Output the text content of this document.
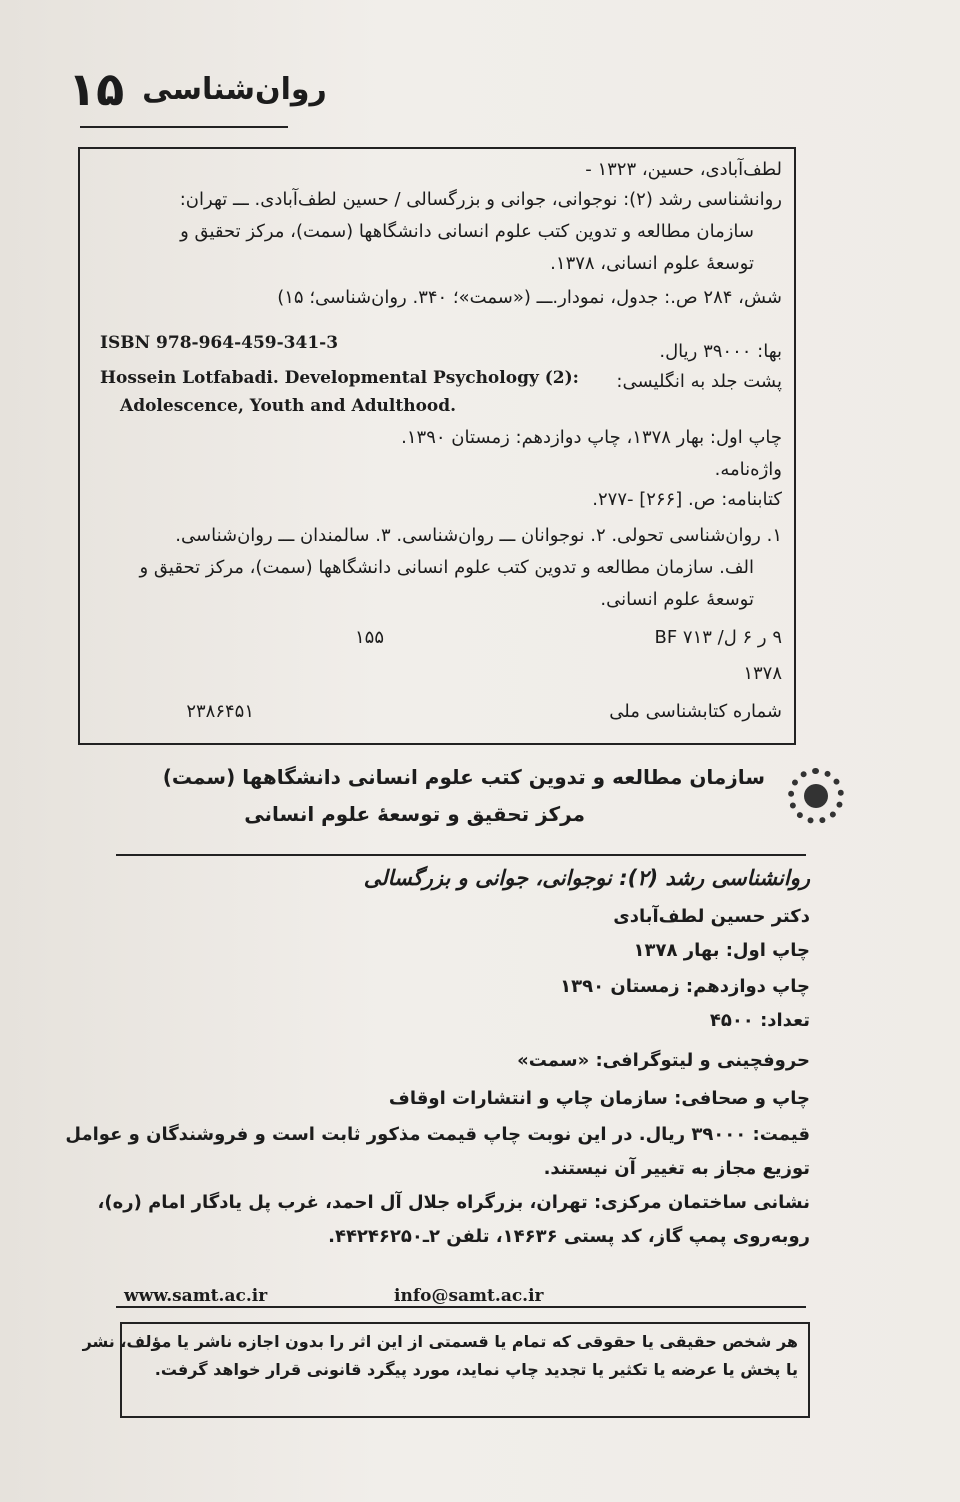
روان‌شناسی
۱۵
لطف‌آبادی، حسین، ۱۳۲۳ -
روانشناسی رشد (۲): نوجوانی، جوانی و بزرگسالی / حسین لطف‌آبادی. ـــ تهران:
سازمان مطالعه و تدوین کتب علوم انسانی دانشگاهها (سمت)، مرکز تحقیق و
توسعهٔ علوم انسانی، ۱۳۷۸.
شش، ۲۸۴ ص.: جدول، نمودار.ـــ («سمت»؛ ۳۴۰. روان‌شناسی؛ ۱۵)
ISBN 978-964-459-341-3	بها: ۳۹۰۰۰ ریال.
Hossein Lotfabadi. Developmental Psychology (2): پشت جلد به انگلیسی:
Adolescence, Youth and Adulthood.
چاپ اول: بهار ۱۳۷۸، چاپ دوازدهم: زمستان ۱۳۹۰.
واژه‌نامه.
کتابنامه: ص. [۲۶۶] -۲۷۷.
۱. روان‌شناسی تحولی. ۲. نوجوانان ـــ روان‌شناسی. ۳. سالمندان ـــ روان‌شناسی.
الف. سازمان مطالعه و تدوین کتب علوم انسانی دانشگاهها (سمت)، مرکز تحقیق و
توسعهٔ علوم انسانی.
۹ ر ۶ ل/ ۷۱۳ BF
۱۵۵
۱۳۷۸
شماره کتابشناسی ملی
۲۳۸۶۴۵۱
سازمان مطالعه و تدوین کتب علوم انسانی دانشگاهها (سمت)
مرکز تحقیق و توسعهٔ علوم انسانی
روانشناسی رشد (۲): نوجوانی، جوانی و بزرگسالی
دکتر حسین لطف‌آبادی
چاپ اول: بهار ۱۳۷۸
چاپ دوازدهم: زمستان ۱۳۹۰
تعداد: ۴۵۰۰
حروفچینی و لیتوگرافی: «سمت»
چاپ و صحافی: سازمان چاپ و انتشارات اوقاف
قیمت: ۳۹۰۰۰ ریال. در این نوبت چاپ قیمت مذکور ثابت است و فروشندگان و عوامل
توزیع مجاز به تغییر آن نیستند.
نشانی ساختمان مرکزی: تهران، بزرگراه جلال آل احمد، غرب پل یادگار امام (ره)،
روبه‌روی پمپ گاز، کد پستی ۱۴۶۳۶، تلفن ۲ـ۴۴۲۴۶۲۵۰.
www.samt.ac.ir	info@samt.ac.ir
هر شخص حقیقی یا حقوقی که تمام یا قسمتی از این اثر را بدون اجازه ناشر یا مؤلف، نشر
یا پخش یا عرضه یا تکثیر یا تجدید چاپ نماید، مورد پیگرد قانونی قرار خواهد گرفت.
